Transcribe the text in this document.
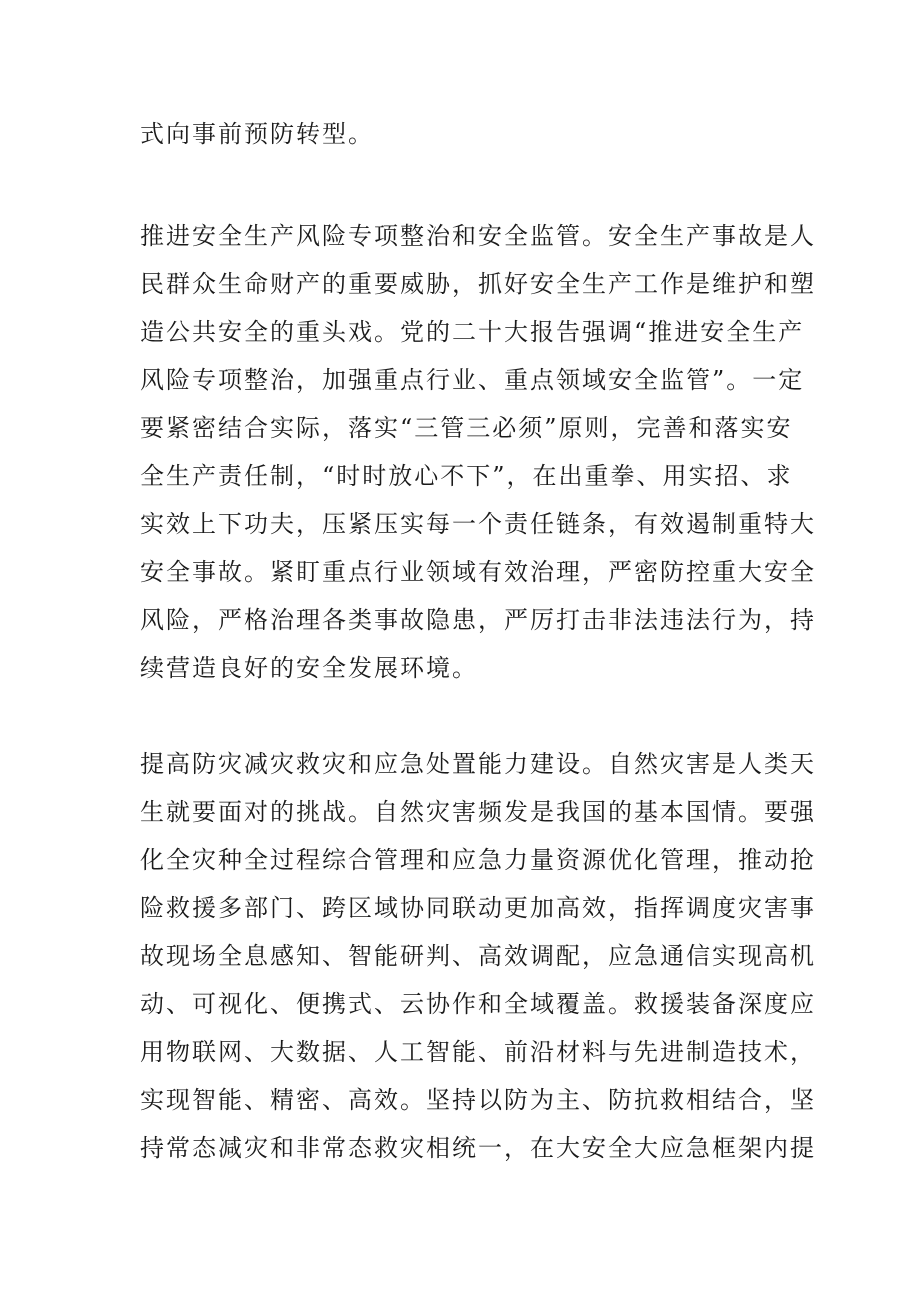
式向事前预防转型。

推进安全生产风险专项整治和安全监管。安全生产事故是人
民群众生命财产的重要威胁，抓好安全生产工作是维护和塑
造公共安全的重头戏。党的二十大报告强调“推进安全生产
风险专项整治，加强重点行业、重点领域安全监管”。一定
要紧密结合实际，落实“三管三必须”原则，完善和落实安
全生产责任制，“时时放心不下”，在出重拳、用实招、求
实效上下功夫，压紧压实每一个责任链条，有效遏制重特大
安全事故。紧盯重点行业领域有效治理，严密防控重大安全
风险，严格治理各类事故隐患，严厉打击非法违法行为，持
续营造良好的安全发展环境。

提高防灾减灾救灾和应急处置能力建设。自然灾害是人类天
生就要面对的挑战。自然灾害频发是我国的基本国情。要强
化全灾种全过程综合管理和应急力量资源优化管理，推动抢
险救援多部门、跨区域协同联动更加高效，指挥调度灾害事
故现场全息感知、智能研判、高效调配，应急通信实现高机
动、可视化、便携式、云协作和全域覆盖。救援装备深度应
用物联网、大数据、人工智能、前沿材料与先进制造技术，
实现智能、精密、高效。坚持以防为主、防抗救相结合，坚
持常态减灾和非常态救灾相统一，在大安全大应急框架内提
